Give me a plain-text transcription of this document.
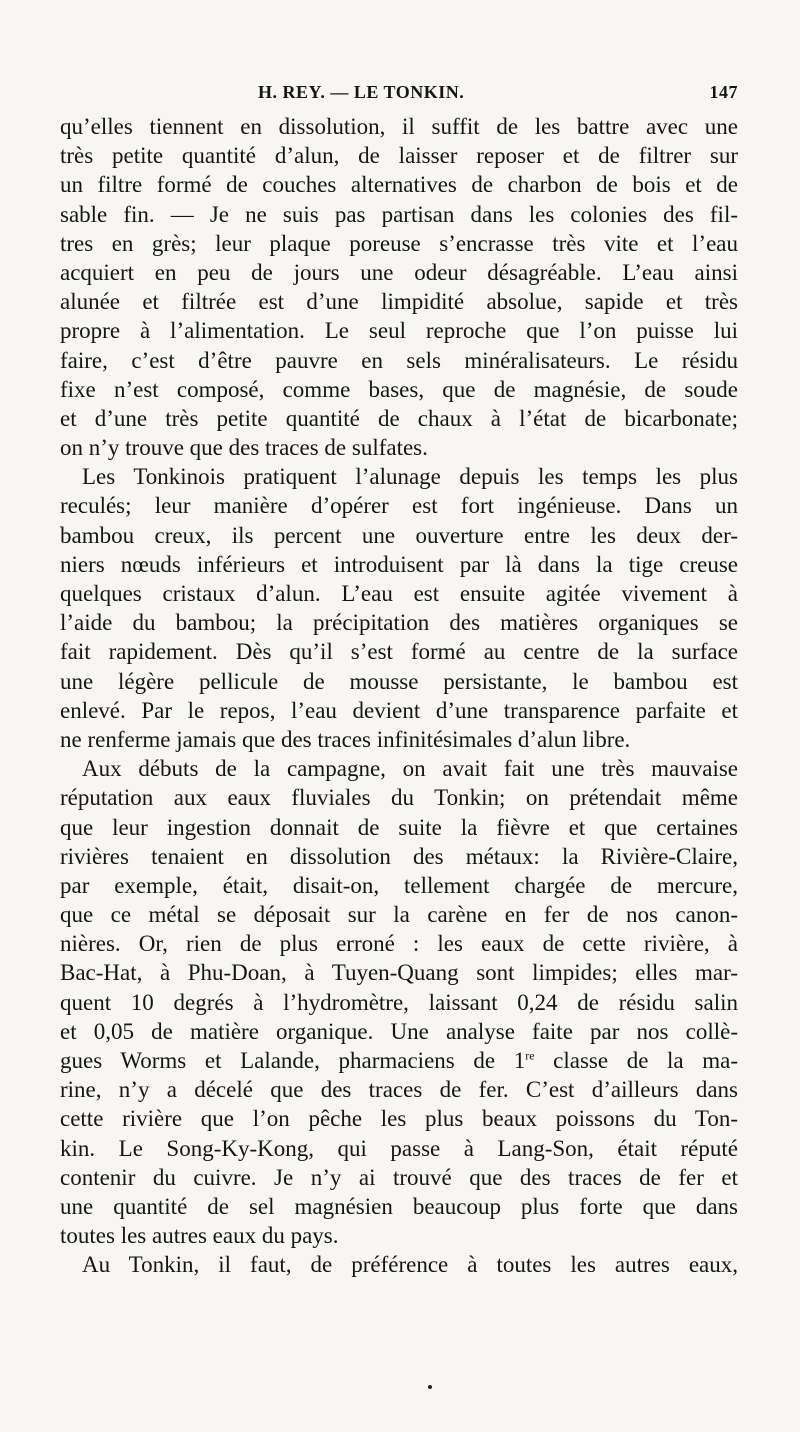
H. REY. — LE TONKIN.	147
qu’elles tiennent en dissolution, il suffit de les battre avec une
très petite quantité d’alun, de laisser reposer et de filtrer sur
un filtre formé de couches alternatives de charbon de bois et de
sable fin. — Je ne suis pas partisan dans les colonies des fil-
tres en grès; leur plaque poreuse s’encrasse très vite et l’eau
acquiert en peu de jours une odeur désagréable. L’eau ainsi
alunée et filtrée est d’une limpidité absolue, sapide et très
propre à l’alimentation. Le seul reproche que l’on puisse lui
faire, c’est d’être pauvre en sels minéralisateurs. Le résidu
fixe n’est composé, comme bases, que de magnésie, de soude
et d’une très petite quantité de chaux à l’état de bicarbonate;
on n’y trouve que des traces de sulfates.
Les Tonkinois pratiquent l’alunage depuis les temps les plus
reculés; leur manière d’opérer est fort ingénieuse. Dans un
bambou creux, ils percent une ouverture entre les deux der-
niers nœuds inférieurs et introduisent par là dans la tige creuse
quelques cristaux d’alun. L’eau est ensuite agitée vivement à
l’aide du bambou; la précipitation des matières organiques se
fait rapidement. Dès qu’il s’est formé au centre de la surface
une légère pellicule de mousse persistante, le bambou est
enlevé. Par le repos, l’eau devient d’une transparence parfaite et
ne renferme jamais que des traces infinitésimales d’alun libre.
Aux débuts de la campagne, on avait fait une très mauvaise
réputation aux eaux fluviales du Tonkin; on prétendait même
que leur ingestion donnait de suite la fièvre et que certaines
rivières tenaient en dissolution des métaux: la Rivière-Claire,
par exemple, était, disait-on, tellement chargée de mercure,
que ce métal se déposait sur la carène en fer de nos canon-
nières. Or, rien de plus erroné : les eaux de cette rivière, à
Bac-Hat, à Phu-Doan, à Tuyen-Quang sont limpides; elles mar-
quent 10 degrés à l’hydromètre, laissant 0,24 de résidu salin
et 0,05 de matière organique. Une analyse faite par nos collè-
gues Worms et Lalande, pharmaciens de 1re classe de la ma-
rine, n’y a décelé que des traces de fer. C’est d’ailleurs dans
cette rivière que l’on pêche les plus beaux poissons du Ton-
kin. Le Song-Ky-Kong, qui passe à Lang-Son, était réputé
contenir du cuivre. Je n’y ai trouvé que des traces de fer et
une quantité de sel magnésien beaucoup plus forte que dans
toutes les autres eaux du pays.
Au Tonkin, il faut, de préférence à toutes les autres eaux,
